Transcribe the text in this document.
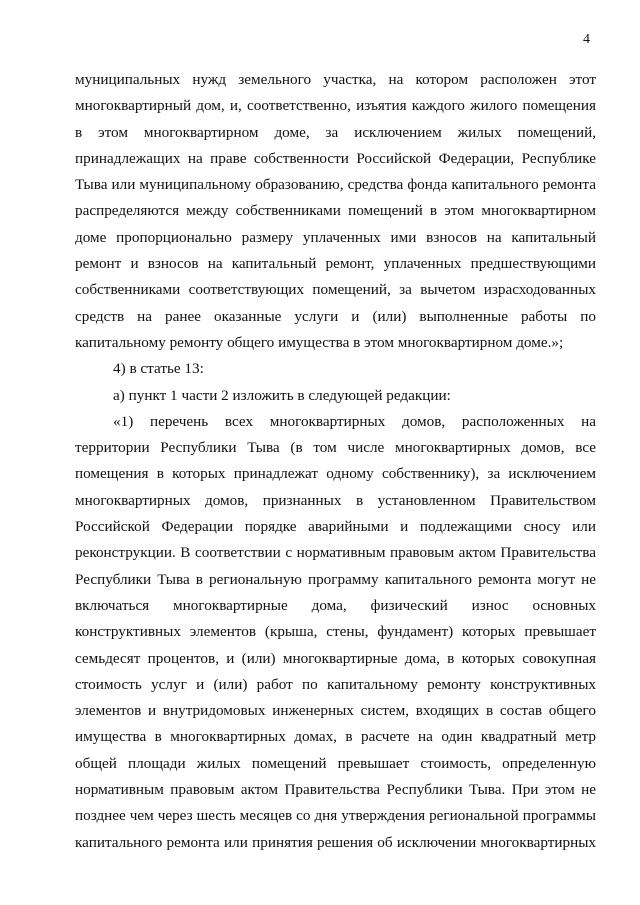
4

муниципальных нужд земельного участка, на котором расположен этот

многоквартирный дом, и, соответственно, изъятия каждого жилого помещения

в этом многоквартирном доме, за исключением жилых помещений,

принадлежащих на праве собственности Российской Федерации, Республике

Тыва или муниципальному образованию, средства фонда капитального ремонта

распределяются между собственниками помещений в этом многоквартирном

доме пропорционально размеру уплаченных ими взносов на капитальный

ремонт и взносов на капитальный ремонт, уплаченных предшествующими

собственниками соответствующих помещений, за вычетом израсходованных

средств на ранее оказанные услуги и (или) выполненные работы по

капитальному ремонту общего имущества в этом многоквартирном доме.»;

4) в статье 13:

а) пункт 1 части 2 изложить в следующей редакции:

«1) перечень всех многоквартирных домов, расположенных на

территории Республики Тыва (в том числе многоквартирных домов, все

помещения в которых принадлежат одному собственнику), за исключением

многоквартирных домов, признанных в установленном Правительством

Российской Федерации порядке аварийными и подлежащими сносу или

реконструкции. В соответствии с нормативным правовым актом Правительства

Республики Тыва в региональную программу капитального ремонта могут не

включаться многоквартирные дома, физический износ основных

конструктивных элементов (крыша, стены, фундамент) которых превышает

семьдесят процентов, и (или) многоквартирные дома, в которых совокупная

стоимость услуг и (или) работ по капитальному ремонту конструктивных

элементов и внутридомовых инженерных систем, входящих в состав общего

имущества в многоквартирных домах, в расчете на один квадратный метр

общей площади жилых помещений превышает стоимость, определенную

нормативным правовым актом Правительства Республики Тыва. При этом не

позднее чем через шесть месяцев со дня утверждения региональной программы

капитального ремонта или принятия решения об исключении многоквартирных
